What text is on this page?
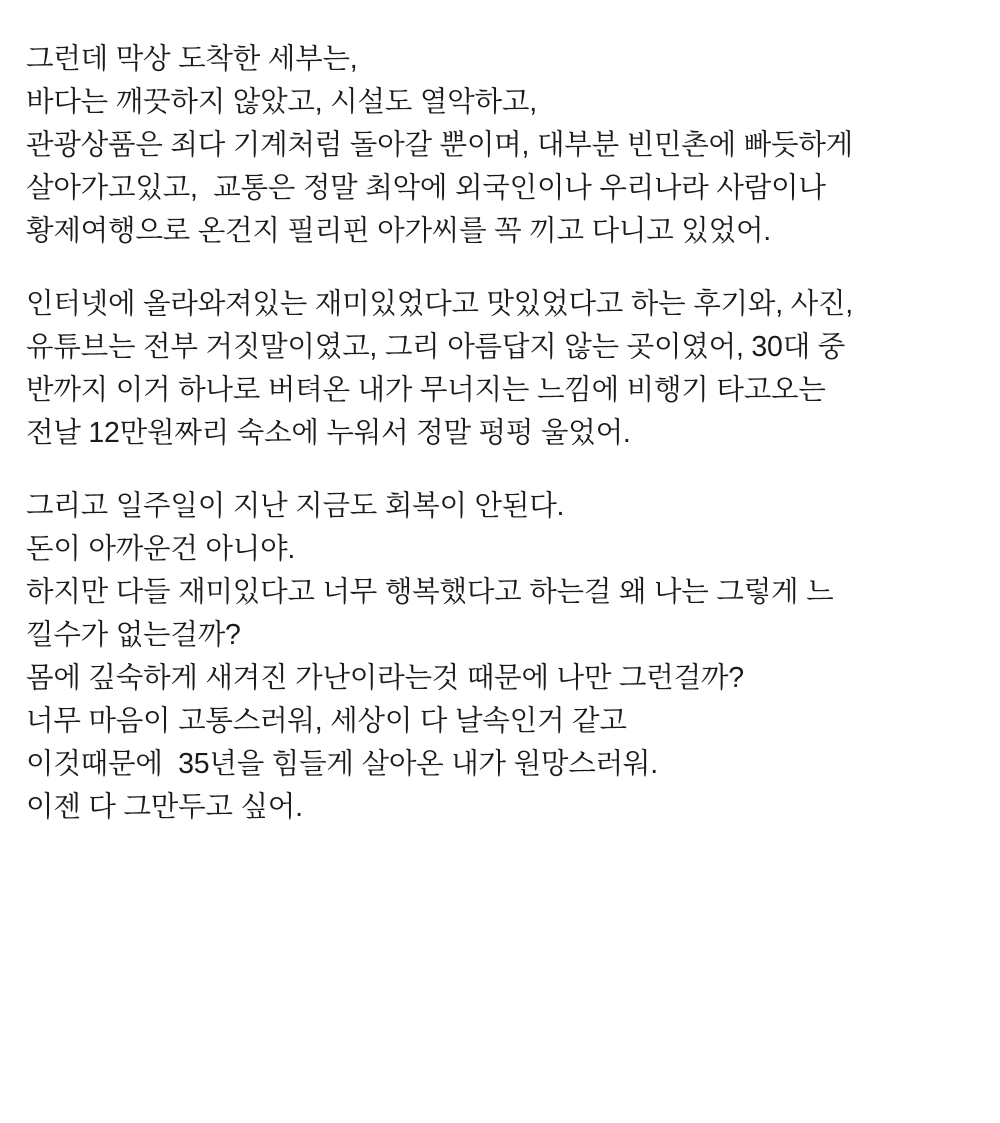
그런데 막상 도착한 세부는,
바다는 깨끗하지 않았고, 시설도 열악하고,
관광상품은 죄다 기계처럼 돌아갈 뿐이며, 대부분 빈민촌에 빠듯하게
살아가고있고,  교통은 정말 최악에 외국인이나 우리나라 사람이나
황제여행으로 온건지 필리핀 아가씨를 꼭 끼고 다니고 있었어.
인터넷에 올라와져있는 재미있었다고 맛있었다고 하는 후기와, 사진,
유튜브는 전부 거짓말이였고, 그리 아름답지 않는 곳이였어, 30대 중
반까지 이거 하나로 버텨온 내가 무너지는 느낌에 비행기 타고오는
전날 12만원짜리 숙소에 누워서 정말 펑펑 울었어.
그리고 일주일이 지난 지금도 회복이 안된다.
돈이 아까운건 아니야.
하지만 다들 재미있다고 너무 행복했다고 하는걸 왜 나는 그렇게 느
낄수가 없는걸까?
몸에 깊숙하게 새겨진 가난이라는것 때문에 나만 그런걸까?
너무 마음이 고통스러워, 세상이 다 날속인거 같고
이것때문에  35년을 힘들게 살아온 내가 원망스러워.
이젠 다 그만두고 싶어.
